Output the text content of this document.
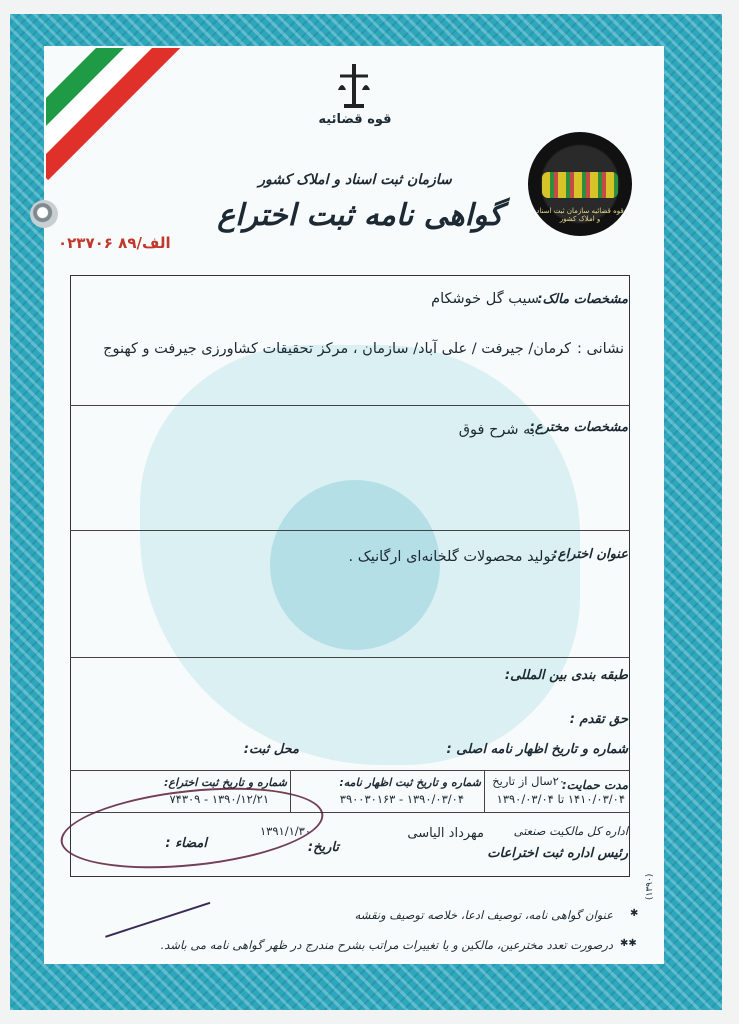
قوه قضائیه
سازمان ثبت اسناد و املاک کشور
گواهی نامه ثبت اختراع
الف/۸۹ ۰۲۳۷۰۶
قوه قضائیه سازمان ثبت اسناد و املاک کشور
مشخصات مالک:
سیب گل خوشکام
نشانی :
کرمان/ جیرفت / علی آباد/ سازمان ، مرکز تحقیقات کشاورزی جیرفت و کهنوج
مشخصات مخترع:
به شرح فوق
عنوان اختراع:
تولید محصولات گلخانه‌ای ارگانیک .
طبقه بندی بین المللی:
حق تقدم :
شماره و تاریخ اظهار نامه اصلی :
محل ثبت:
مدت حمایت:
۲۰سال از تاریخ
۱۴۱۰/۰۳/۰۴ تا ۱۳۹۰/۰۳/۰۴
شماره و تاریخ ثبت اظهار نامه:
۱۳۹۰/۰۳/۰۴ - ۳۹۰۰۳۰۱۶۳
شماره و تاریخ ثبت اختراع:
۱۳۹۰/۱۲/۲۱ - ۷۴۳۰۹
اداره کل مالکیت صنعتی
رئیس اداره ثبت اختراعات
مهرداد الیاسی
تاریخ:
۱۳۹۱/۱/۳۰
امضاء :
عنوان گواهی نامه، توصیف ادعا، خلاصه توصیف ونقشه
درصورت تعدد مخترعین، مالکین و یا تغییرات مراتب بشرح مندرج در ظهر گواهی نامه می باشد.
(۱۳۹۰)
✱
✱✱
